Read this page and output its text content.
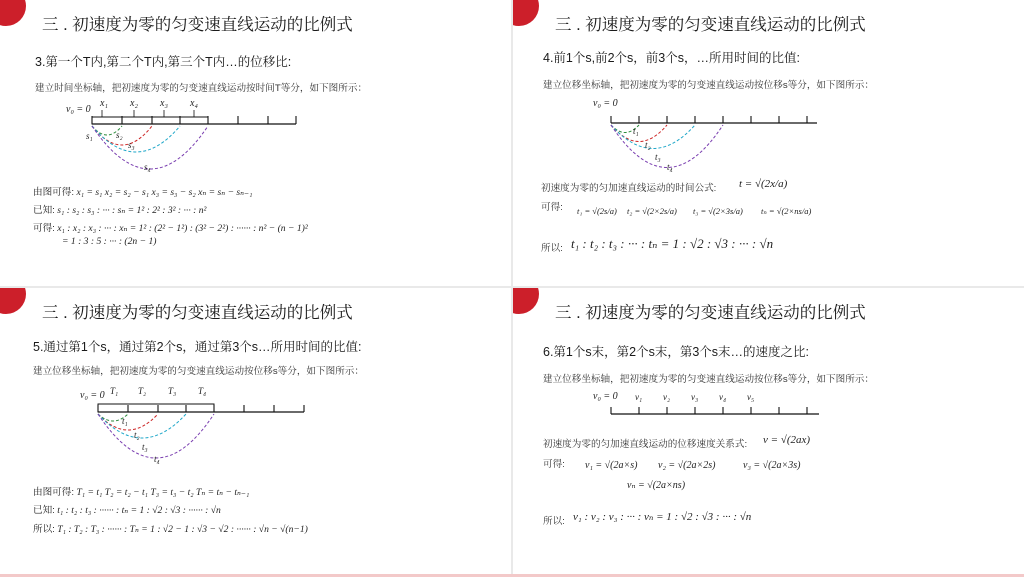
三 . 初速度为零的匀变速直线运动的比例式
3.第一个T内,第二个T内,第三个T内…的位移比:
建立时间坐标轴，把初速度为零的匀变速直线运动按时间T等分，如下图所示：
v₀ = 0
x₁ x₂ x₃ x₄
s₁	s₂
s₃
s₄
由图可得: x₁ = s₁ x₂ = s₂ − s₁ x₃ = s₃ − s₂ xₙ = sₙ − sₙ₋₁
已知: s₁ : s₂ : s₃ : ··· : sₙ = 1² : 2² : 3² : ··· : n²
可得: x₁ : x₂ : x₃ : ··· : xₙ = 1² : (2² − 1²) : (3² − 2²) : ······ : n² − (n − 1)²
= 1 : 3 : 5 : ··· : (2n − 1)
三 . 初速度为零的匀变速直线运动的比例式
4.前1个s,前2个s，前3个s，…所用时间的比值:
建立位移坐标轴，把初速度为零的匀变速直线运动按位移s等分，如下图所示：
v₀ = 0
t₁
t₂
t₃
t₄
初速度为零的匀加速直线运动的时间公式: t = √(2x/a)
可得: t₁ = √(2s/a) t₂ = √(2×2s/a) t₃ = √(2×3s/a) tₙ = √(2×ns/a)
所以: t₁ : t₂ : t₃ : ··· : tₙ = 1 : √2 : √3 : ··· : √n
三 . 初速度为零的匀变速直线运动的比例式
5.通过第1个s，通过第2个s，通过第3个s…所用时间的比值:
建立位移坐标轴，把初速度为零的匀变速直线运动按位移s等分，如下图所示：
v₀ = 0 T₁ T₂ T₃ T₄
t₁
t₂
t₃
t₄
由图可得: T₁ = t₁ T₂ = t₂ − t₁ T₃ = t₃ − t₂ Tₙ = tₙ − tₙ₋₁
已知: t₁ : t₂ : t₃ : ······ : tₙ = 1 : √2 : √3 : ······ : √n
所以: T₁ : T₂ : T₃ : ······ : Tₙ = 1 : √2 − 1 : √3 − √2 : ······ : √n − √(n−1)
三 . 初速度为零的匀变速直线运动的比例式
6.第1个s末，第2个s末，第3个s末…的速度之比:
建立位移坐标轴，把初速度为零的匀变速直线运动按位移s等分，如下图所示：
v₀ = 0 v₁ v₂ v₃ v₄ v₅
初速度为零的匀加速直线运动的位移速度关系式: v = √(2ax)
可得: v₁ = √(2a×s) v₂ = √(2a×2s)	v₃ = √(2a×3s)
vₙ = √(2a×ns)
所以: v₁ : v₂ : v₃ : ··· : vₙ = 1 : √2 : √3 : ··· : √n
